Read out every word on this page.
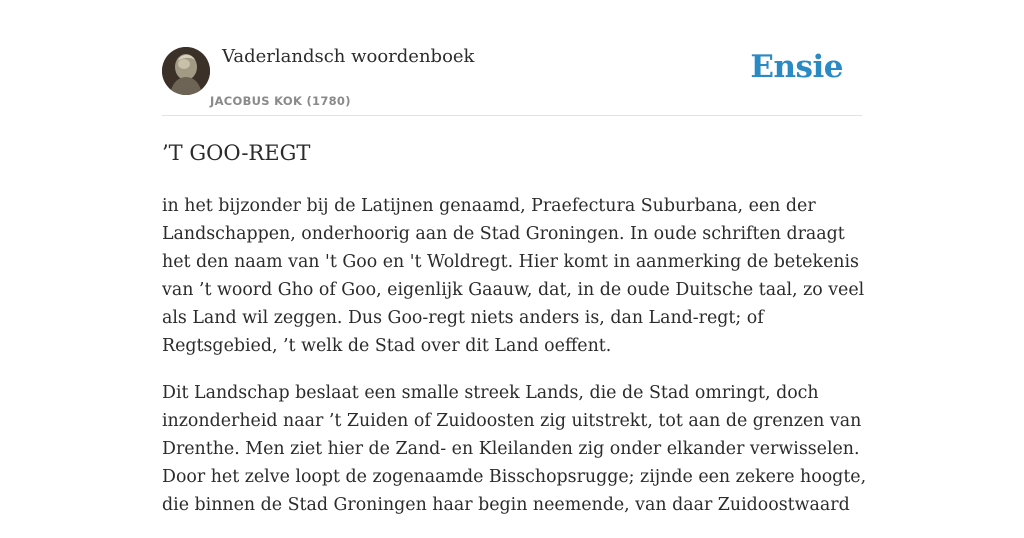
Vaderlandsch woordenboek
JACOBUS KOK (1780)
Ensie
’T GOO-REGT

in het bijzonder bij de Latijnen genaamd, Praefectura Suburbana, een der Landschappen, onderhoorig aan de Stad Groningen. In oude schriften draagt het den naam van 't Goo en 't Woldregt. Hier komt in aanmerking de betekenis van ’t woord Gho of Goo, eigenlijk Gaauw, dat, in de oude Duitsche taal, zo veel als Land wil zeggen. Dus Goo-regt niets anders is, dan Land-regt; of Regtsgebied, ’t welk de Stad over dit Land oeffent.

Dit Landschap beslaat een smalle streek Lands, die de Stad omringt, doch inzonderheid naar ’t Zuiden of Zuidoosten zig uitstrekt, tot aan de grenzen van Drenthe. Men ziet hier de Zand- en Kleilanden zig onder elkander verwisselen. Door het zelve loopt de zogenaamde Bisschopsrugge; zijnde een zekere hoogte, die binnen de Stad Groningen haar begin neemende, van daar Zuidoostwaard
